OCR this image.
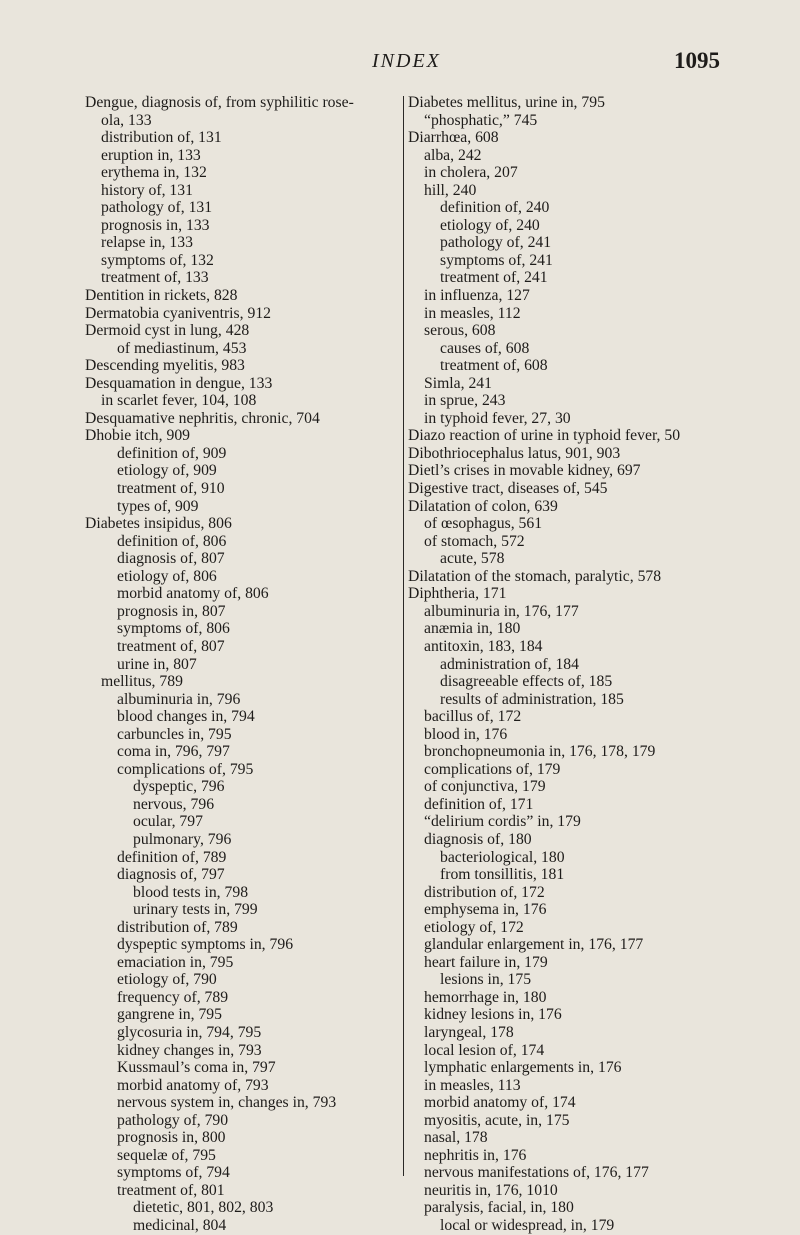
INDEX	1095
Dengue, diagnosis of, from syphilitic rose-
ola, 133
distribution of, 131
eruption in, 133
erythema in, 132
history of, 131
pathology of, 131
prognosis in, 133
relapse in, 133
symptoms of, 132
treatment of, 133
Dentition in rickets, 828
Dermatobia cyaniventris, 912
Dermoid cyst in lung, 428
of mediastinum, 453
Descending myelitis, 983
Desquamation in dengue, 133
in scarlet fever, 104, 108
Desquamative nephritis, chronic, 704
Dhobie itch, 909
definition of, 909
etiology of, 909
treatment of, 910
types of, 909
Diabetes insipidus, 806
definition of, 806
diagnosis of, 807
etiology of, 806
morbid anatomy of, 806
prognosis in, 807
symptoms of, 806
treatment of, 807
urine in, 807
mellitus, 789
albuminuria in, 796
blood changes in, 794
carbuncles in, 795
coma in, 796, 797
complications of, 795
dyspeptic, 796
nervous, 796
ocular, 797
pulmonary, 796
definition of, 789
diagnosis of, 797
blood tests in, 798
urinary tests in, 799
distribution of, 789
dyspeptic symptoms in, 796
emaciation in, 795
etiology of, 790
frequency of, 789
gangrene in, 795
glycosuria in, 794, 795
kidney changes in, 793
Kussmaul’s coma in, 797
morbid anatomy of, 793
nervous system in, changes in, 793
pathology of, 790
prognosis in, 800
sequelæ of, 795
symptoms of, 794
treatment of, 801
dietetic, 801, 802, 803
medicinal, 804
Diabetes mellitus, urine in, 795
“phosphatic,” 745
Diarrhœa, 608
alba, 242
in cholera, 207
hill, 240
definition of, 240
etiology of, 240
pathology of, 241
symptoms of, 241
treatment of, 241
in influenza, 127
in measles, 112
serous, 608
causes of, 608
treatment of, 608
Simla, 241
in sprue, 243
in typhoid fever, 27, 30
Diazo reaction of urine in typhoid fever, 50
Dibothriocephalus latus, 901, 903
Dietl’s crises in movable kidney, 697
Digestive tract, diseases of, 545
Dilatation of colon, 639
of œsophagus, 561
of stomach, 572
acute, 578
Dilatation of the stomach, paralytic, 578
Diphtheria, 171
albuminuria in, 176, 177
anæmia in, 180
antitoxin, 183, 184
administration of, 184
disagreeable effects of, 185
results of administration, 185
bacillus of, 172
blood in, 176
bronchopneumonia in, 176, 178, 179
complications of, 179
of conjunctiva, 179
definition of, 171
“delirium cordis” in, 179
diagnosis of, 180
bacteriological, 180
from tonsillitis, 181
distribution of, 172
emphysema in, 176
etiology of, 172
glandular enlargement in, 176, 177
heart failure in, 179
lesions in, 175
hemorrhage in, 180
kidney lesions in, 176
laryngeal, 178
local lesion of, 174
lymphatic enlargements in, 176
in measles, 113
morbid anatomy of, 174
myositis, acute, in, 175
nasal, 178
nephritis in, 176
nervous manifestations of, 176, 177
neuritis in, 176, 1010
paralysis, facial, in, 180
local or widespread, in, 179
